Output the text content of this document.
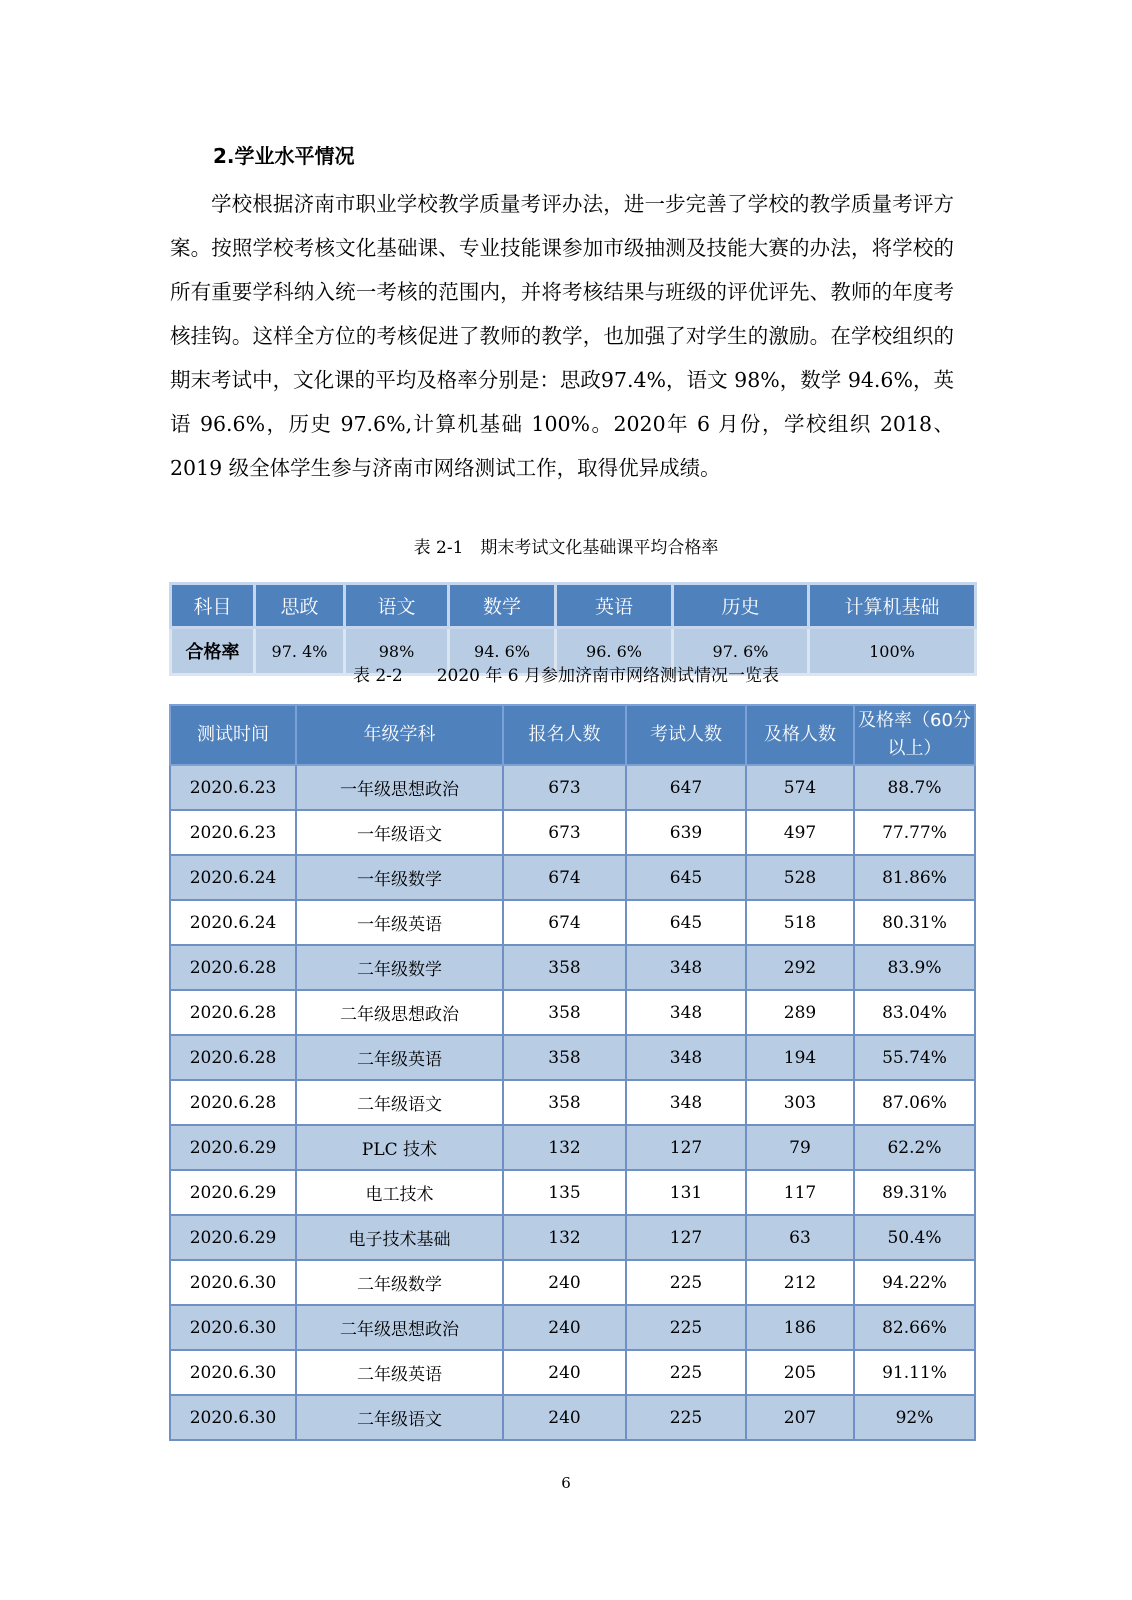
2.学业水平情况

学校根据济南市职业学校教学质量考评办法，进一步完善了学校的教学质量考评方案。按照学校考核文化基础课、专业技能课参加市级抽测及技能大赛的办法，将学校的所有重要学科纳入统一考核的范围内，并将考核结果与班级的评优评先、教师的年度考核挂钩。这样全方位的考核促进了教师的教学，也加强了对学生的激励。在学校组织的期末考试中，文化课的平均及格率分别是：思政97.4%，语文 98%，数学 94.6%，英语 96.6%，历史 97.6%,计算机基础 100%。2020年 6 月份，学校组织 2018、2019 级全体学生参与济南市网络测试工作，取得优异成绩。

表 2-1　期末考试文化基础课平均合格率

科目	思政	语文	数学	英语	历史	计算机基础
合格率	97. 4%	98%	94. 6%	96. 6%	97. 6%	100%

表 2-2　　2020 年 6 月参加济南市网络测试情况一览表

测试时间	年级学科	报名人数	考试人数	及格人数	及格率（60分以上）
2020.6.23	一年级思想政治	673	647	574	88.7%
2020.6.23	一年级语文	673	639	497	77.77%
2020.6.24	一年级数学	674	645	528	81.86%
2020.6.24	一年级英语	674	645	518	80.31%
2020.6.28	二年级数学	358	348	292	83.9%
2020.6.28	二年级思想政治	358	348	289	83.04%
2020.6.28	二年级英语	358	348	194	55.74%
2020.6.28	二年级语文	358	348	303	87.06%
2020.6.29	PLC 技术	132	127	79	62.2%
2020.6.29	电工技术	135	131	117	89.31%
2020.6.29	电子技术基础	132	127	63	50.4%
2020.6.30	二年级数学	240	225	212	94.22%
2020.6.30	二年级思想政治	240	225	186	82.66%
2020.6.30	二年级英语	240	225	205	91.11%
2020.6.30	二年级语文	240	225	207	92%

6
